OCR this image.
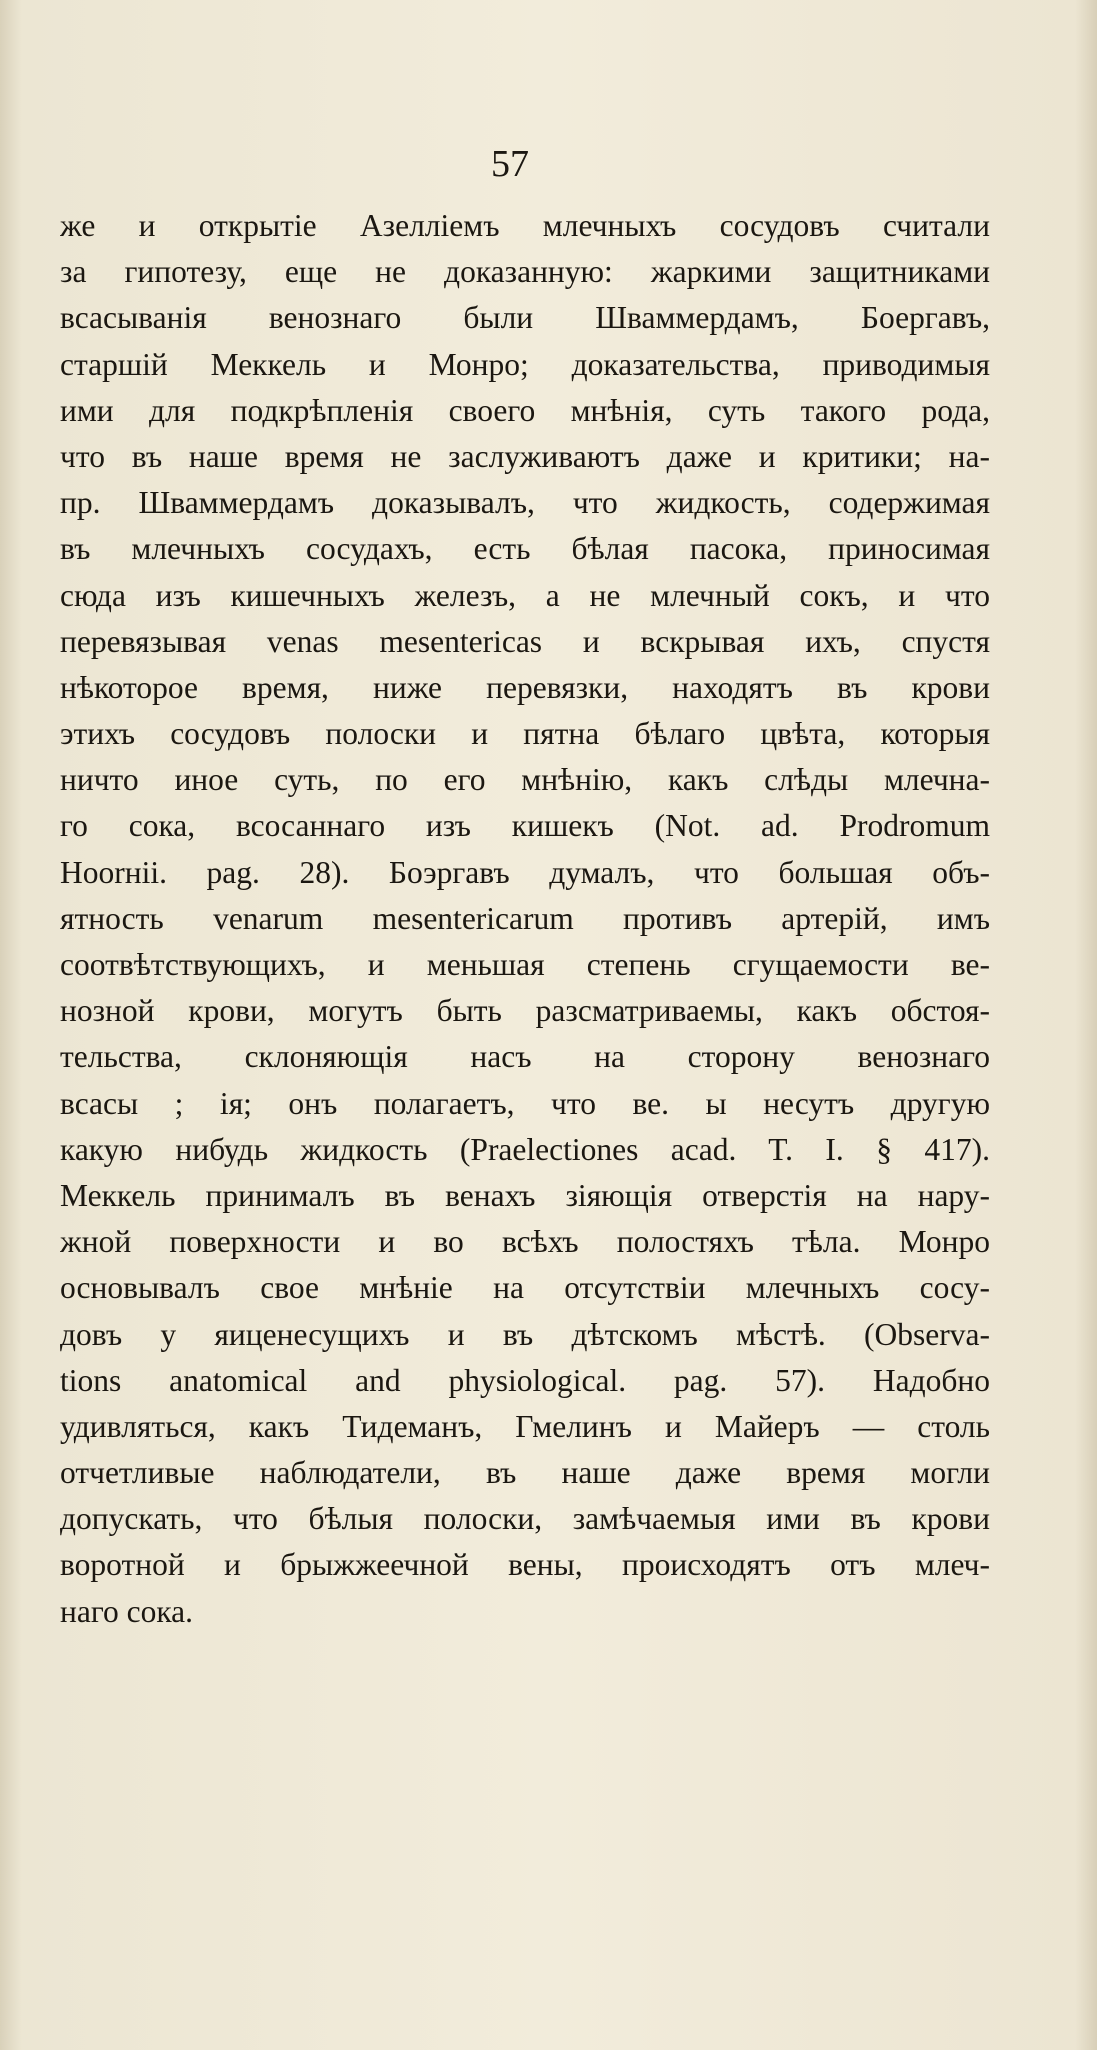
57
же и открытіе Азелліемъ млечныхъ сосудовъ считали
за гипотезу, еще не доказанную: жаркими защитниками
всасыванія венознаго были Шваммердамъ, Боергавъ,
старшій Меккель и Монро; доказательства, приводимыя
ими для подкрѣпленія своего мнѣнія, суть такого рода,
что въ наше время не заслуживаютъ даже и критики; на-
пр. Шваммердамъ доказывалъ, что жидкость, содержимая
въ млечныхъ сосудахъ, есть бѣлая пасока, приносимая
сюда изъ кишечныхъ железъ, а не млечный сокъ, и что
перевязывая venas mesentericas и вскрывая ихъ, спустя
нѣкоторое время, ниже перевязки, находятъ въ крови
этихъ сосудовъ полоски и пятна бѣлаго цвѣта, которыя
ничто иное суть, по его мнѣнію, какъ слѣды млечна-
го сока, всосаннаго изъ кишекъ (Not. ad. Prodromum
Hoorнii. pag. 28). Боэргавъ думалъ, что большая объ-
ятность venarum mesentericarum противъ артерій, имъ
соотвѣтствующихъ, и меньшая степень сгущаемости ве-
нозной крови, могутъ быть разсматриваемы, какъ обстоя-
тельства, склоняющія насъ на сторону венознаго
всасы ; ія; онъ полагаетъ, что ве. ы несутъ другую
какую нибудь жидкость (Praelectiones acad. T. I. § 417).
Меккель принималъ въ венахъ зіяющія отверстія на нару-
жной поверхности и во всѣхъ полостяхъ тѣла. Монро
основывалъ свое мнѣніе на отсутствіи млечныхъ сосу-
довъ у яиценесущихъ и въ дѣтскомъ мѣстѣ. (Observa-
tions anatomical and physiological. pag. 57). Надобно
удивляться, какъ Тидеманъ, Гмелинъ и Майеръ — столь
отчетливые наблюдатели, въ наше даже время могли
допускать, что бѣлыя полоски, замѣчаемыя ими въ крови
воротной и брыжжеечной вены, происходятъ отъ млеч-
наго сока.
